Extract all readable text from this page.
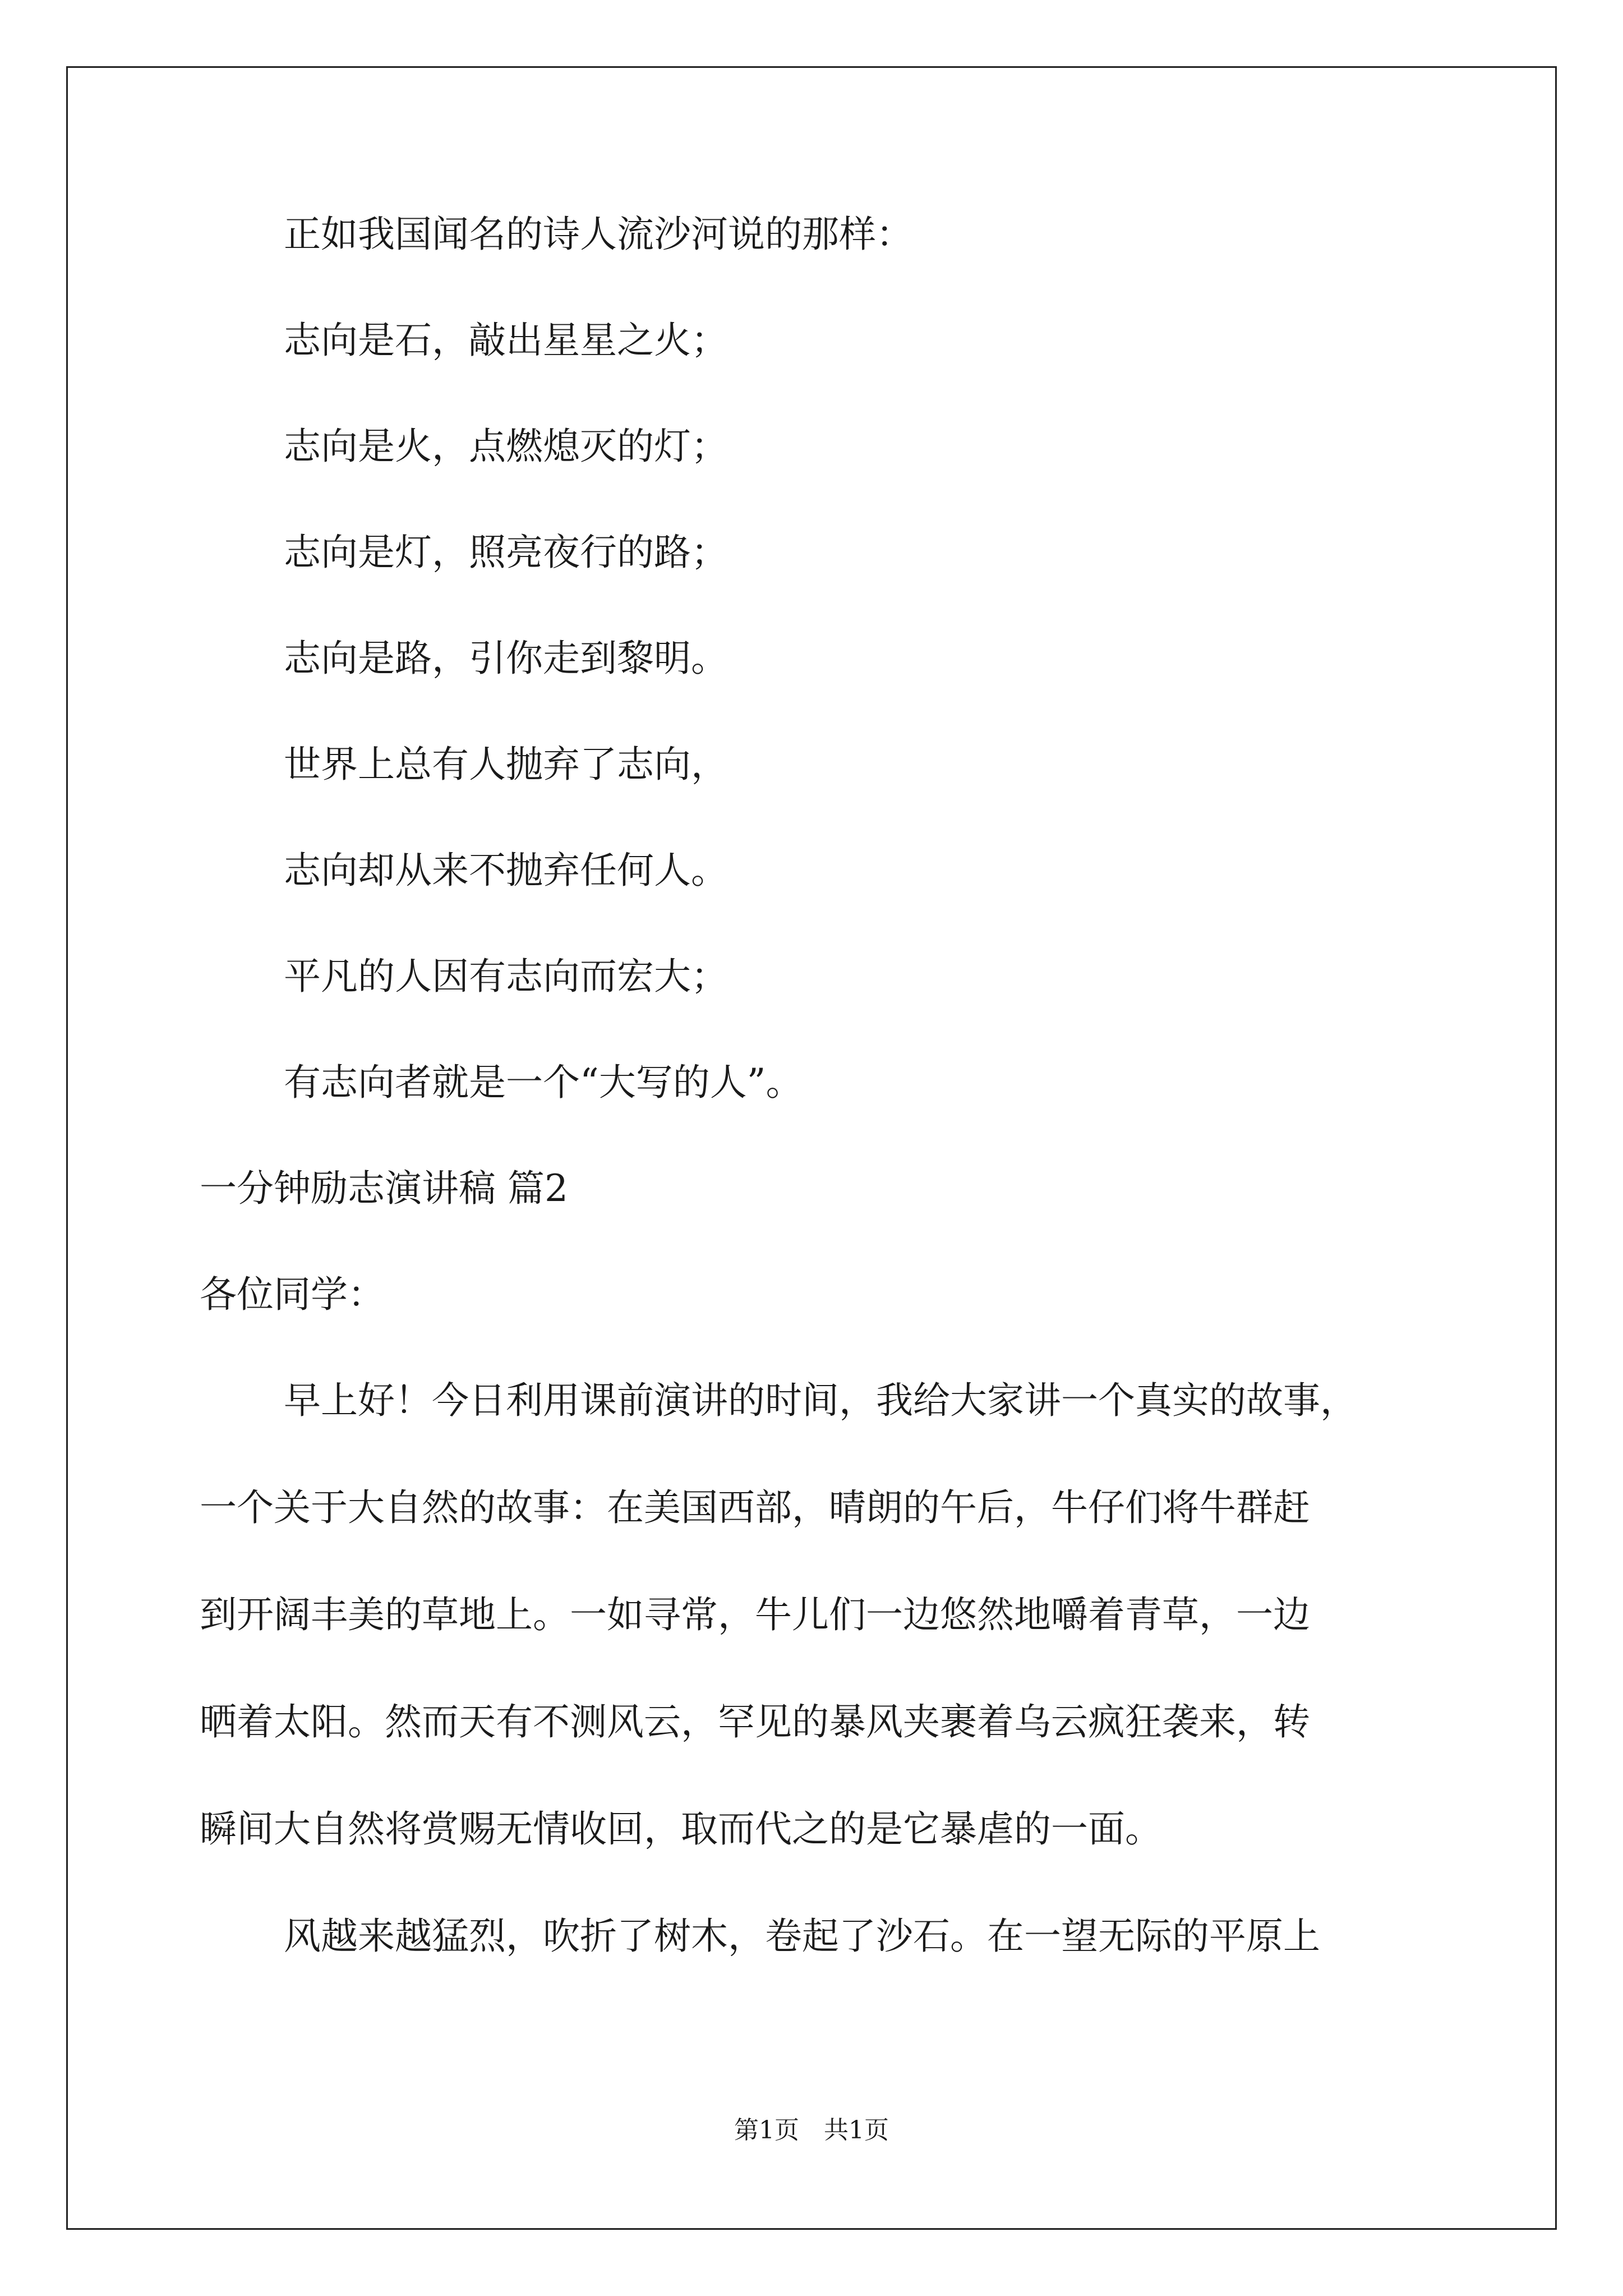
正如我国闻名的诗人流沙河说的那样：

志向是石，敲出星星之火；

志向是火，点燃熄灭的灯；

志向是灯，照亮夜行的路；

志向是路，引你走到黎明。

世界上总有人抛弃了志向，

志向却从来不抛弃任何人。

平凡的人因有志向而宏大；

有志向者就是一个“大写的人”。

一分钟励志演讲稿 篇2

各位同学：

早上好！今日利用课前演讲的时间，我给大家讲一个真实的故事，

一个关于大自然的故事：在美国西部，晴朗的午后，牛仔们将牛群赶

到开阔丰美的草地上。一如寻常，牛儿们一边悠然地嚼着青草，一边

晒着太阳。然而天有不测风云，罕见的暴风夹裹着乌云疯狂袭来，转

瞬间大自然将赏赐无情收回，取而代之的是它暴虐的一面。

风越来越猛烈，吹折了树木，卷起了沙石。在一望无际的平原上

第1页　共1页
